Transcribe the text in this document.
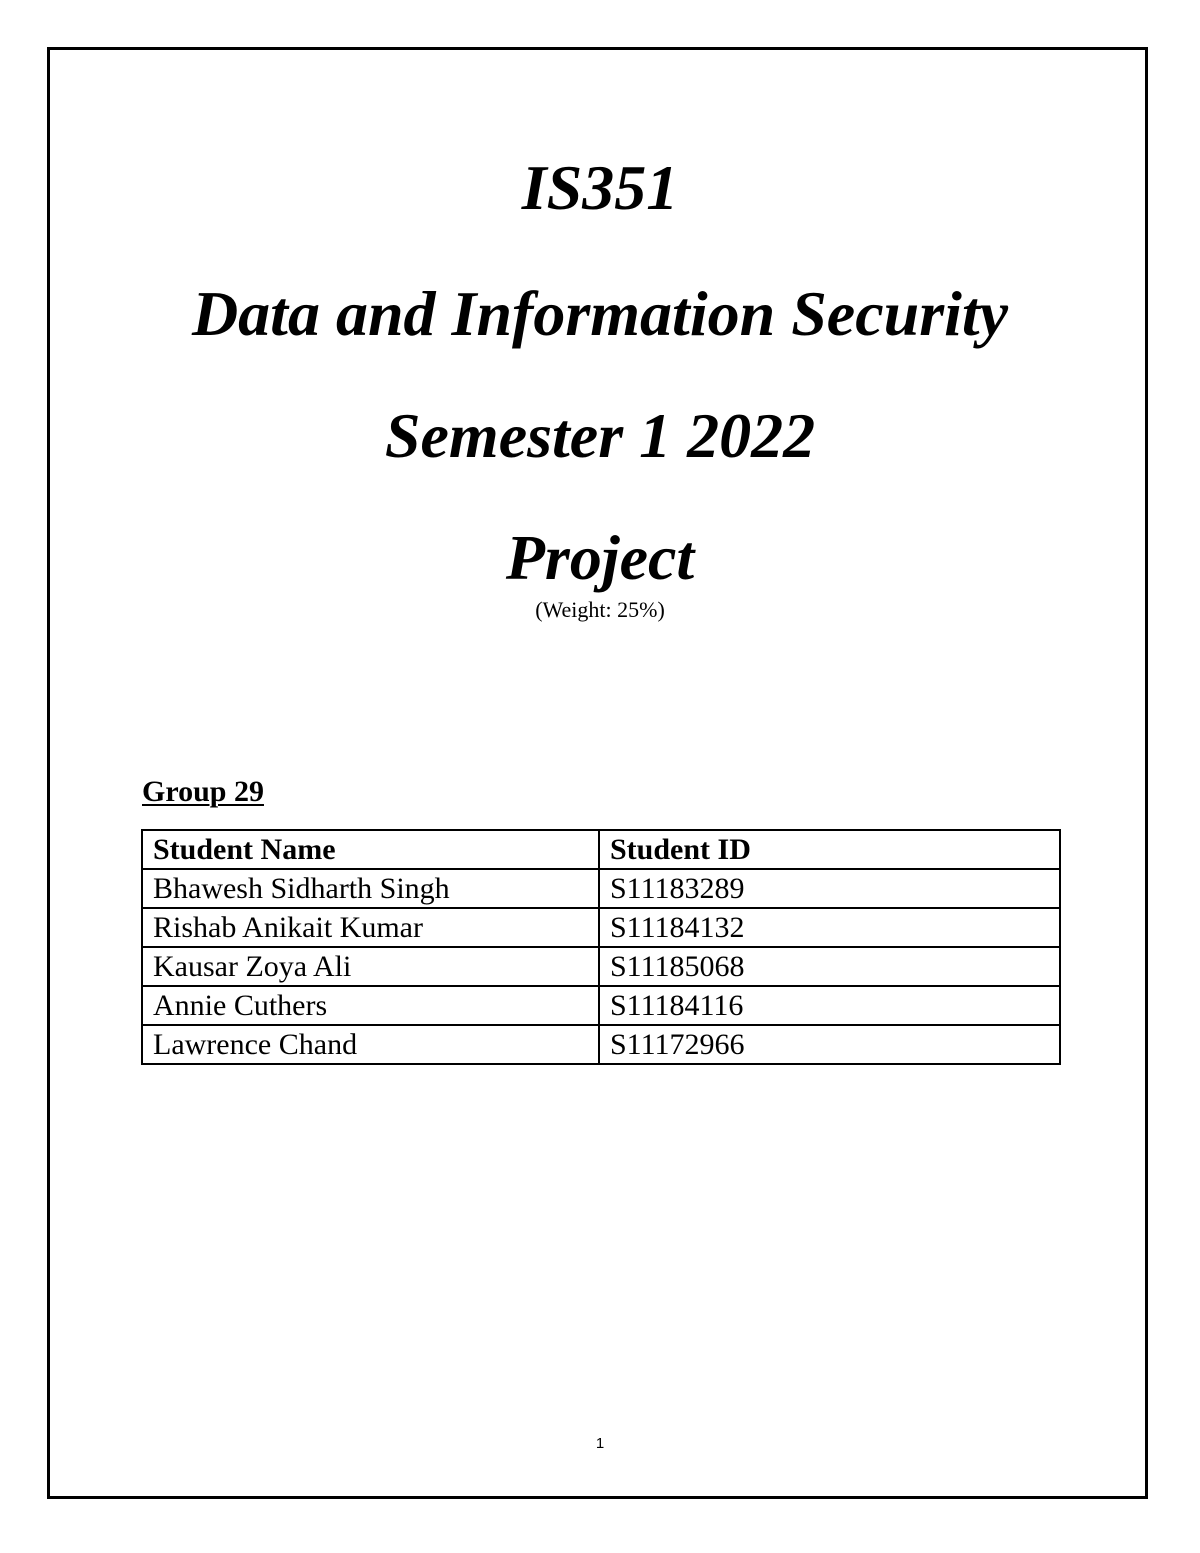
IS351
Data and Information Security
Semester 1 2022
Project
(Weight: 25%)
Group 29
Student Name	Student ID
Bhawesh Sidharth Singh	S11183289
Rishab Anikait Kumar	S11184132
Kausar Zoya Ali	S11185068
Annie Cuthers	S11184116
Lawrence Chand	S11172966
1
